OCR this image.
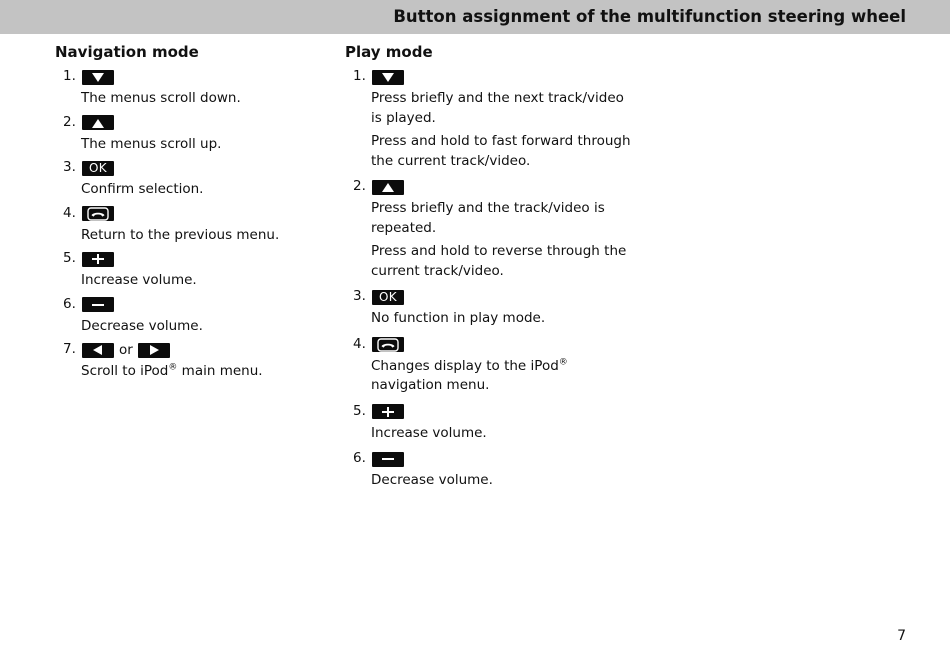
Button assignment of the multifunction steering wheel
Navigation mode
1.

The menus scroll down.

2.

The menus scroll up.

3.	OK

Confirm selection.

4.

Return to the previous menu.

5.

Increase volume.

6.

Decrease volume.

7.	or

Scroll to iPod® main menu.

Play mode
1.

Press briefly and the next track/video is played.

Press and hold to fast forward through the current track/video.

2.

Press briefly and the track/video is repeated.

Press and hold to reverse through the current track/video.

3.	OK

No function in play mode.

4.

Changes display to the iPod® navigation menu.

5.

Increase volume.

6.

Decrease volume.

7
